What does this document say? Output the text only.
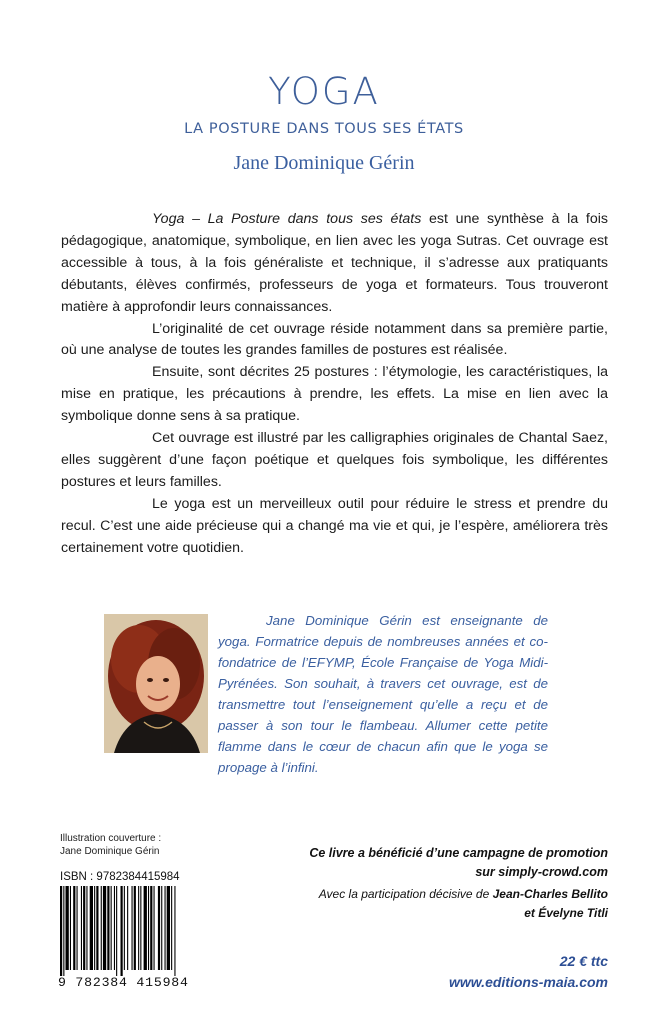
YOGA
LA POSTURE DANS TOUS SES ÉTATS
Jane Dominique Gérin

Yoga – La Posture dans tous ses états est une synthèse à la fois pédagogique, anatomique, symbolique, en lien avec les yoga Sutras. Cet ouvrage est accessible à tous, à la fois généraliste et technique, il s’adresse aux pratiquants débutants, élèves confirmés, professeurs de yoga et formateurs. Tous trouveront matière à approfondir leurs connaissances.

L’originalité de cet ouvrage réside notamment dans sa première partie, où une analyse de toutes les grandes familles de postures est réalisée.

Ensuite, sont décrites 25 postures : l’étymologie, les caractéristiques, la mise en pratique, les précautions à prendre, les effets. La mise en lien avec la symbolique donne sens à sa pratique.

Cet ouvrage est illustré par les calligraphies originales de Chantal Saez, elles suggèrent d’une façon poétique et quelques fois symbolique, les différentes postures et leurs familles.

Le yoga est un merveilleux outil pour réduire le stress et prendre du recul. C’est une aide précieuse qui a changé ma vie et qui, je l’espère, améliorera très certainement votre quotidien.

Jane Dominique Gérin est enseignante de yoga. Formatrice depuis de nombreuses années et co-fondatrice de l’EFYMP, École Française de Yoga Midi-Pyrénées. Son souhait, à travers cet ouvrage, est de transmettre tout l’enseignement qu’elle a reçu et de passer à son tour le flambeau. Allumer cette petite flamme dans le cœur de chacun afin que le yoga se propage à l’infini.
Illustration couverture :
Jane Dominique Gérin
ISBN : 9782384415984
9 782384 415984
Ce livre a bénéficié d’une campagne de promotion
sur simply-crowd.com
Avec la participation décisive de Jean-Charles Bellito
et Évelyne Titli
22 € ttc
www.editions-maia.com
